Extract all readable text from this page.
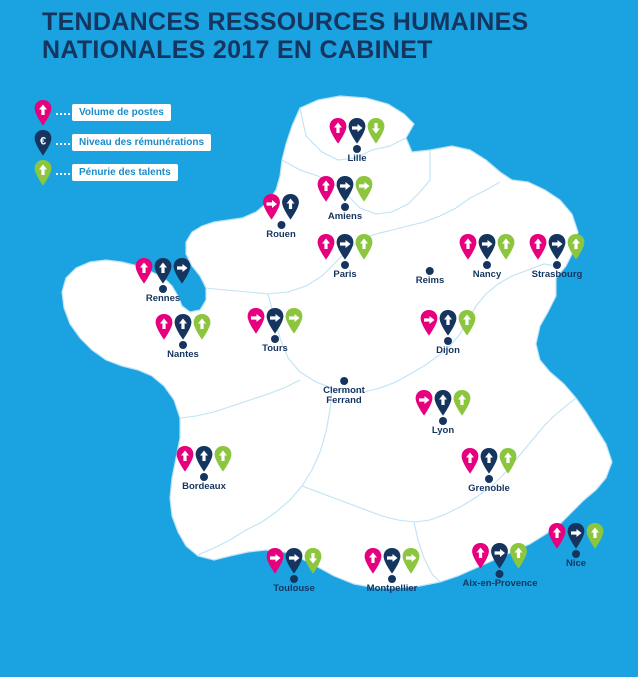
TENDANCES RESSOURCES HUMAINES NATIONALES 2017 EN CABINET
Volume de postes
€	Niveau des rémunérations
Pénurie des talents
Lille
Amiens
Rouen
Paris
Reims
Nancy	Strasbourg
Rennes
Nantes
Tours	Dijon
Clermont
Ferrand
Lyon
Grenoble
Bordeaux
Toulouse	Montpellier	Aix-en-Provence
Nice
